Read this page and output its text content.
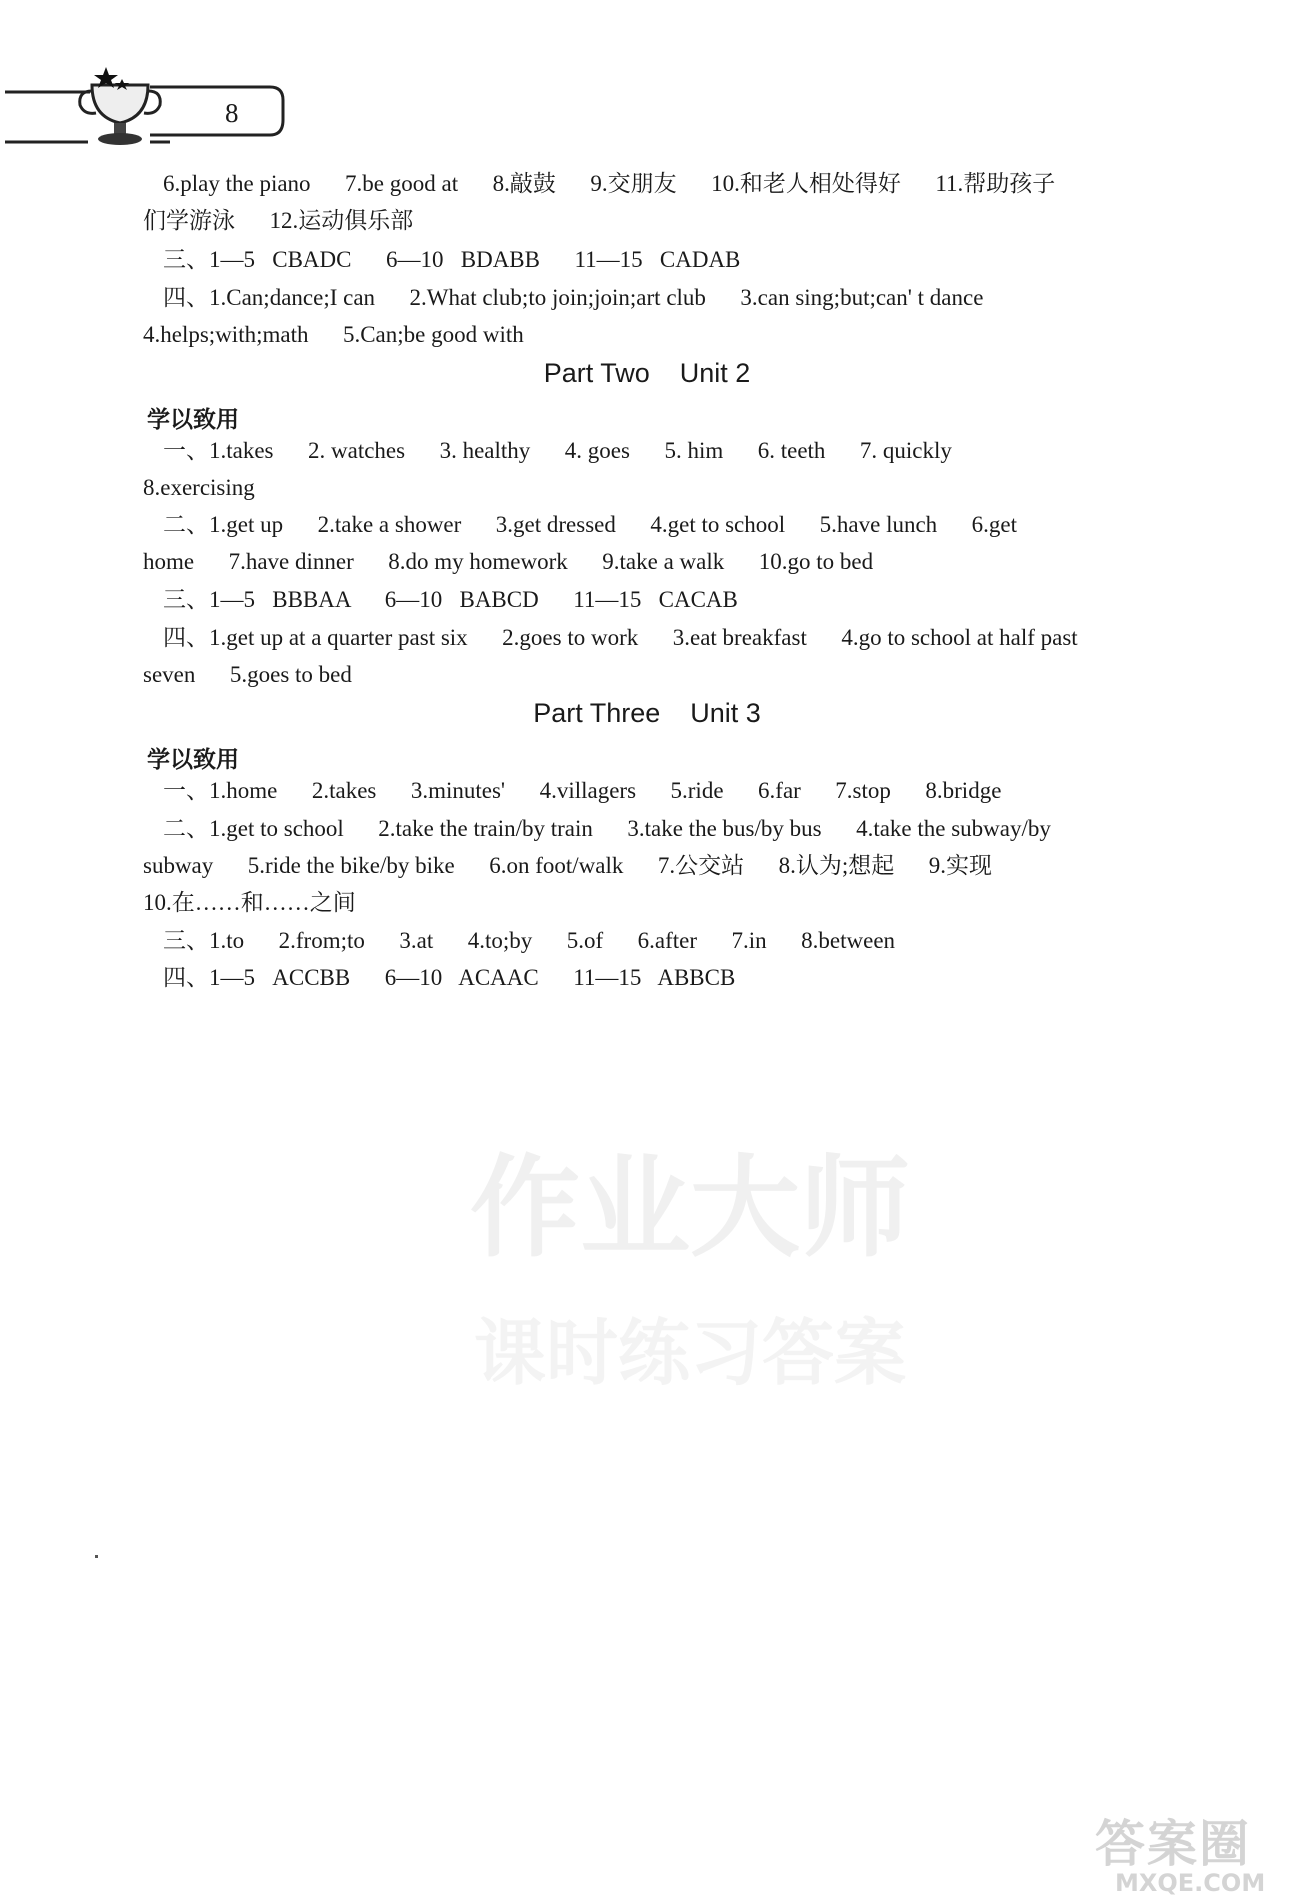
8
作业大师
课时练习答案
6.play the piano      7.be good at      8.敲鼓      9.交朋友      10.和老人相处得好      11.帮助孩子
们学游泳      12.运动俱乐部
三、1—5   CBADC      6—10   BDABB      11—15   CADAB
四、1.Can;dance;I can      2.What club;to join;join;art club      3.can sing;but;can' t dance
4.helps;with;math      5.Can;be good with
Part Two    Unit 2
学以致用
一、1.takes      2. watches      3. healthy      4. goes      5. him      6. teeth      7. quickly
8.exercising
二、1.get up      2.take a shower      3.get dressed      4.get to school      5.have lunch      6.get
home      7.have dinner      8.do my homework      9.take a walk      10.go to bed
三、1—5   BBBAA      6—10   BABCD      11—15   CACAB
四、1.get up at a quarter past six      2.goes to work      3.eat breakfast      4.go to school at half past
seven      5.goes to bed
Part Three    Unit 3
学以致用
一、1.home      2.takes      3.minutes'      4.villagers      5.ride      6.far      7.stop      8.bridge
二、1.get to school      2.take the train/by train      3.take the bus/by bus      4.take the subway/by
subway      5.ride the bike/by bike      6.on foot/walk      7.公交站      8.认为;想起      9.实现
10.在……和……之间
三、1.to      2.from;to      3.at      4.to;by      5.of      6.after      7.in      8.between
四、1—5   ACCBB      6—10   ACAAC      11—15   ABBCB
答案圈
MXQE.COM
